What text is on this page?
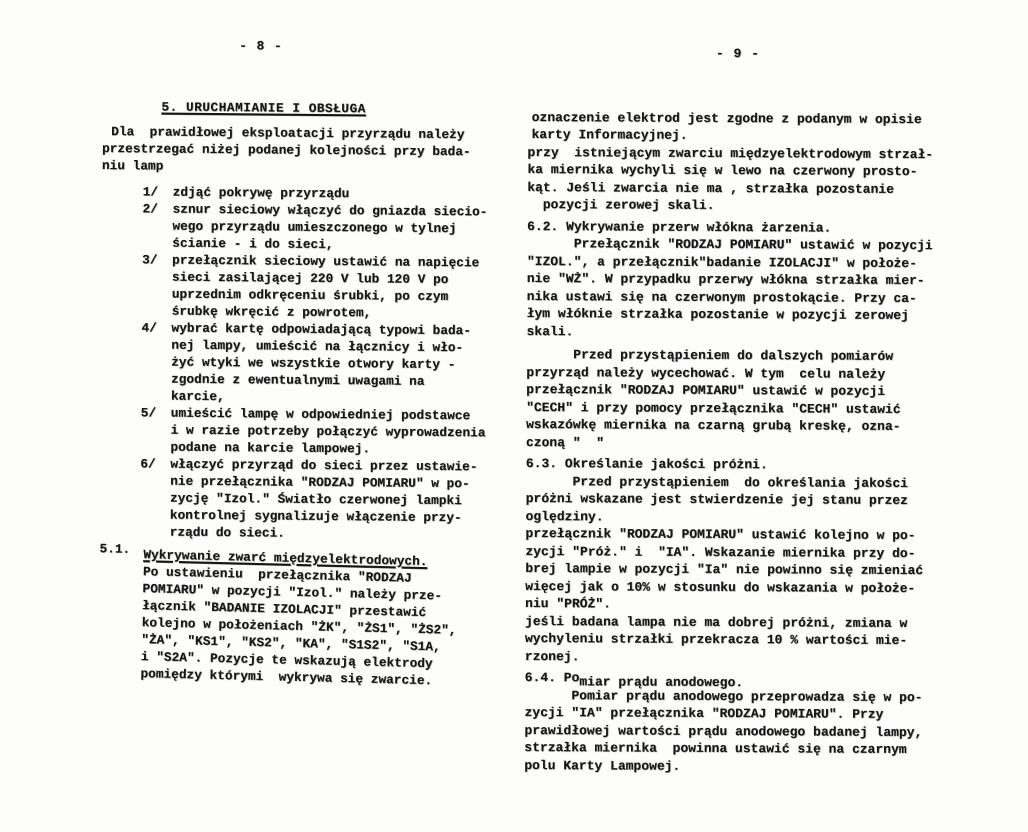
- 8 -
5. URUCHAMIANIE I OBSŁUGA
Dla  prawidłowej eksploatacji przyrządu należy
przestrzegać niżej podanej kolejności przy bada-
niu lamp
1/	zdjąć pokrywę przyrządu
2/	sznur sieciowy włączyć do gniazda siecio-
wego przyrządu umieszczonego w tylnej
ścianie - i do sieci,
3/	przełącznik sieciowy ustawić na napięcie
sieci zasilającej 220 V lub 120 V po
uprzednim odkręceniu śrubki, po czym
śrubkę wkręcić z powrotem,
4/	wybrać kartę odpowiadającą typowi bada-
nej lampy, umieścić na łącznicy i wło-
żyć wtyki we wszystkie otwory karty -
zgodnie z ewentualnymi uwagami na
karcie,
5/	umieścić lampę w odpowiedniej podstawce
i w razie potrzeby połączyć wyprowadzenia
podane na karcie lampowej.
6/	włączyć przyrząd do sieci przez ustawie-
nie przełącznika "RODZAJ POMIARU" w po-
zycję "Izol." Światło czerwonej lampki
kontrolnej sygnalizuje włączenie przy-
rządu do sieci.
5.1. Wykrywanie zwarć międzyelektrodowych.
Po ustawieniu  przełącznika "RODZAJ
POMIARU" w pozycji "Izol." należy prze-
łącznik "BADANIE IZOLACJI" przestawić
kolejno w położeniach "ŻK", "ŻS1", "ŻS2",
"ŻA", "KS1", "KS2", "KA", "S1S2", "S1A,
i "S2A". Pozycje te wskazują elektrody
pomiędzy którymi  wykrywa się zwarcie.
- 9 -
oznaczenie elektrod jest zgodne z podanym w opisie
karty Informacyjnej.
przy  istniejącym zwarciu międzyelektrodowym strzał-
ka miernika wychyli się w lewo na czerwony prosto-
kąt. Jeśli zwarcia nie ma , strzałka pozostanie
pozycji zerowej skali.
6.2. Wykrywanie przerw włókna żarzenia.
Przełącznik "RODZAJ POMIARU" ustawić w pozycji
"IZOL.", a przełącznik"badanie IZOLACJI" w położe-
nie "WŻ". W przypadku przerwy włókna strzałka mier-
nika ustawi się na czerwonym prostokącie. Przy ca-
łym włóknie strzałka pozostanie w pozycji zerowej
skali.
Przed przystąpieniem do dalszych pomiarów
przyrząd należy wycechować. W tym  celu należy
przełącznik "RODZAJ POMIARU" ustawić w pozycji
"CECH" i przy pomocy przełącznika "CECH" ustawić
wskazówkę miernika na czarną grubą kreskę, ozna-
czoną "  "
6.3. Określanie jakości próżni.
Przed przystąpieniem  do określania jakości
próżni wskazane jest stwierdzenie jej stanu przez
oględziny.
przełącznik "RODZAJ POMIARU" ustawić kolejno w po-
zycji "Próż." i  "IA". Wskazanie miernika przy do-
brej lampie w pozycji "Ia" nie powinno się zmieniać
więcej jak o 10% w stosunku do wskazania w położe-
niu "PRÓŻ".
jeśli badana lampa nie ma dobrej próżni, zmiana w
wychyleniu strzałki przekracza 10 % wartości mie-
rzonej.
6.4. Pomiar prądu anodowego.
Pomiar prądu anodowego przeprowadza się w po-
zycji "IA" przełącznika "RODZAJ POMIARU". Przy
prawidłowej wartości prądu anodowego badanej lampy,
strzałka miernika  powinna ustawić się na czarnym
polu Karty Lampowej.
